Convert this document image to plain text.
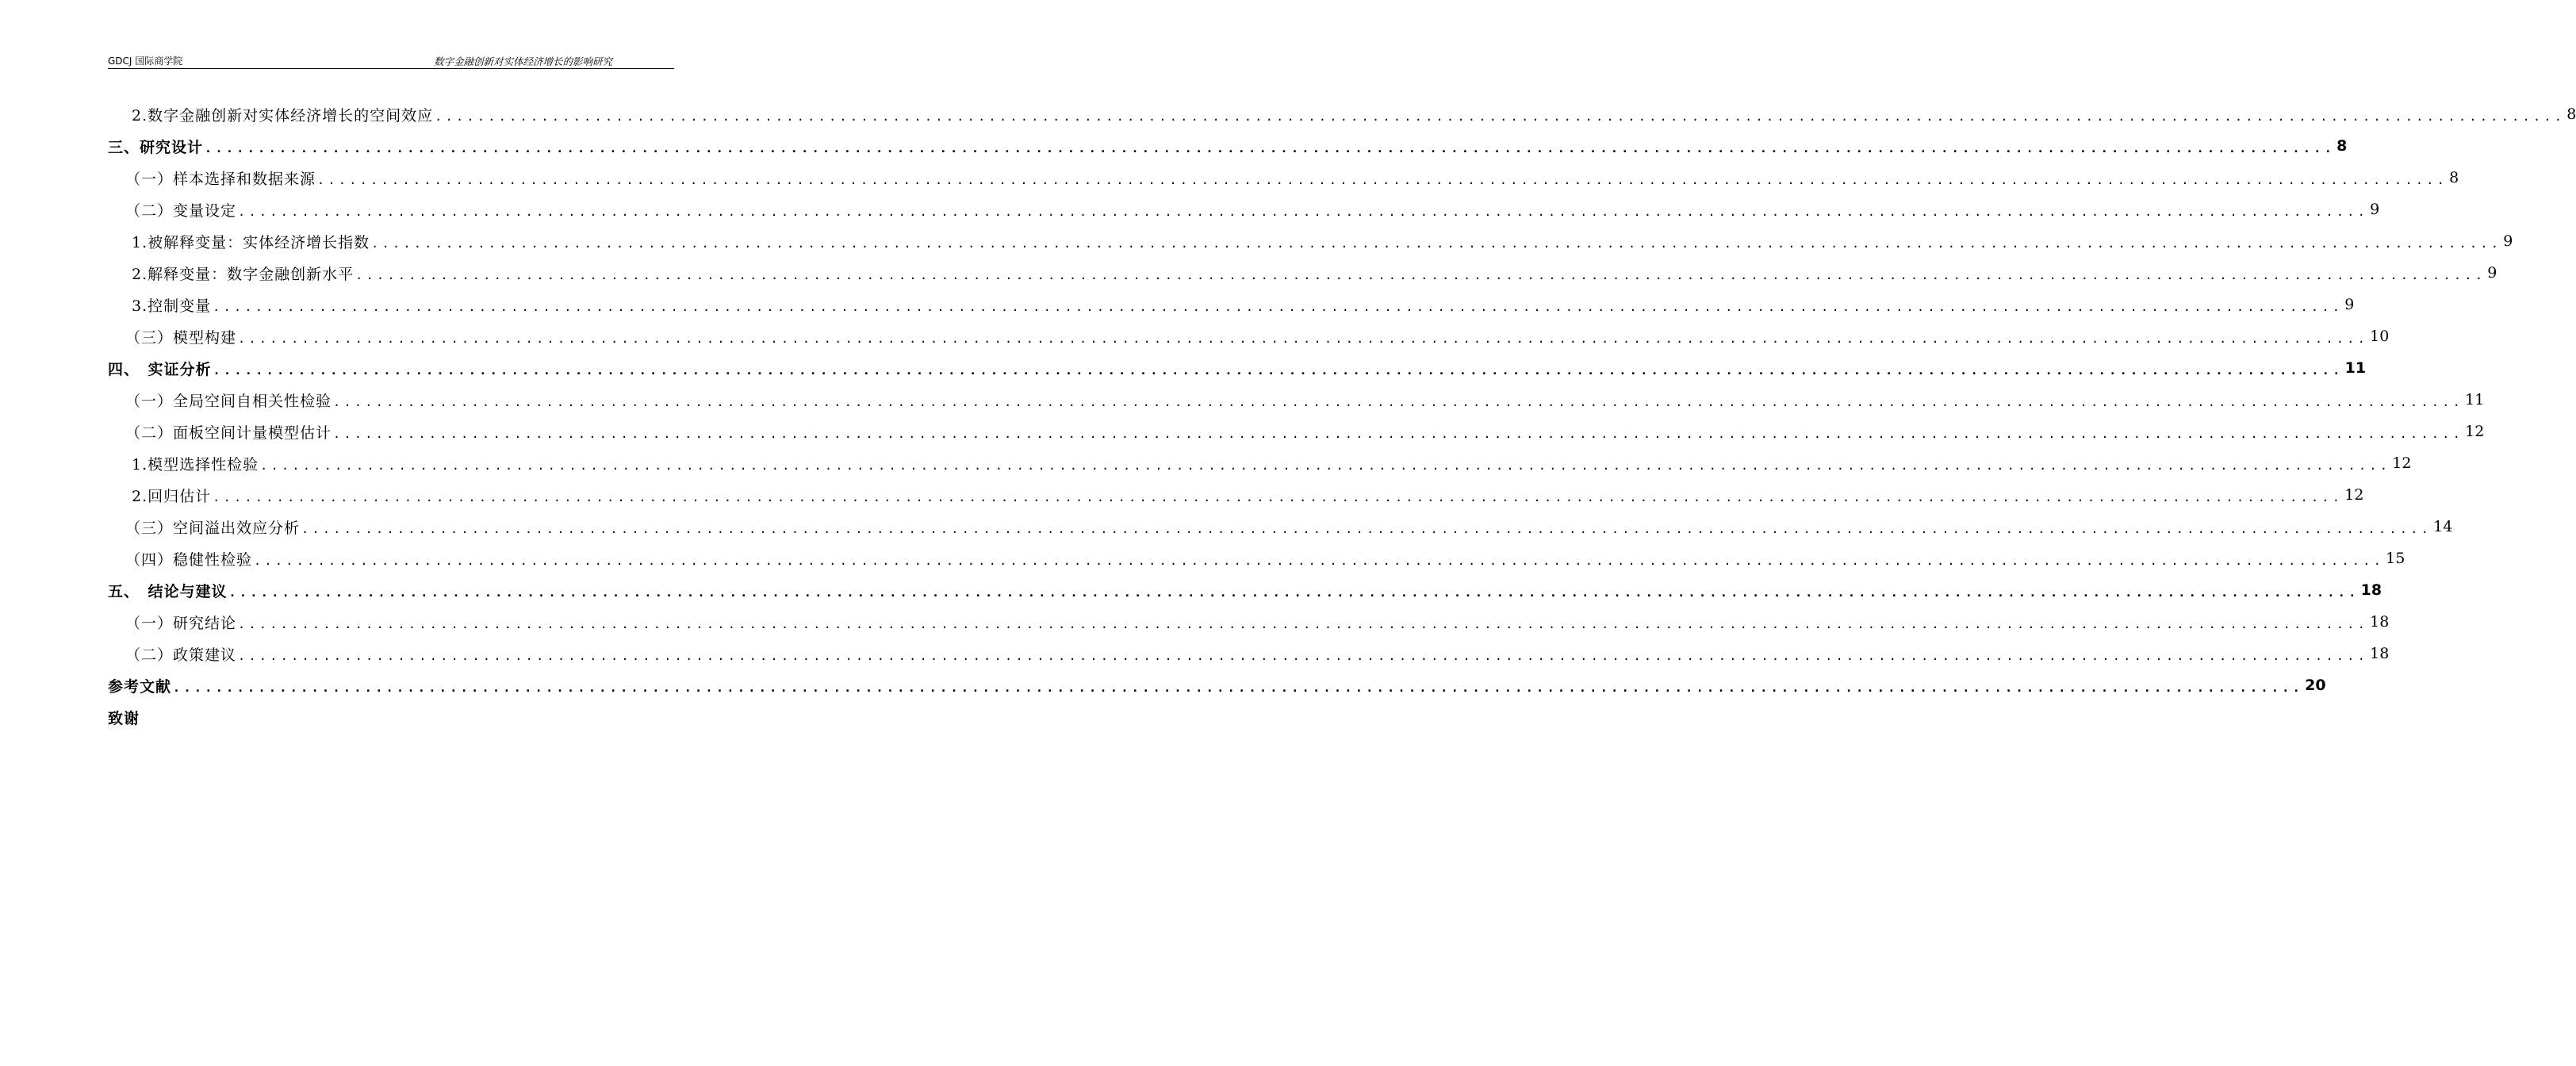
GDCJ 国际商学院	数字金融创新对实体经济增长的影响研究
2.数字金融创新对实体经济增长的空间效应 ........................................................................................................................................................................................................ 8
三、研究设计 ........................................................................................................................................................................................................ 8
（一）样本选择和数据来源 ........................................................................................................................................................................................................ 8
（二）变量设定 ........................................................................................................................................................................................................ 9
1.被解释变量：实体经济增长指数 ........................................................................................................................................................................................................ 9
2.解释变量：数字金融创新水平 ........................................................................................................................................................................................................ 9
3.控制变量 ........................................................................................................................................................................................................ 9
（三）模型构建 ........................................................................................................................................................................................................ 10
四、　实证分析 ........................................................................................................................................................................................................ 11
（一）全局空间自相关性检验 ........................................................................................................................................................................................................ 11
（二）面板空间计量模型估计 ........................................................................................................................................................................................................ 12
1.模型选择性检验 ........................................................................................................................................................................................................ 12
2.回归估计 ........................................................................................................................................................................................................ 12
（三）空间溢出效应分析 ........................................................................................................................................................................................................ 14
（四）稳健性检验 ........................................................................................................................................................................................................ 15
五、　结论与建议 ........................................................................................................................................................................................................ 18
（一）研究结论 ........................................................................................................................................................................................................ 18
（二）政策建议 ........................................................................................................................................................................................................ 18
参考文献 ........................................................................................................................................................................................................ 20
致谢
